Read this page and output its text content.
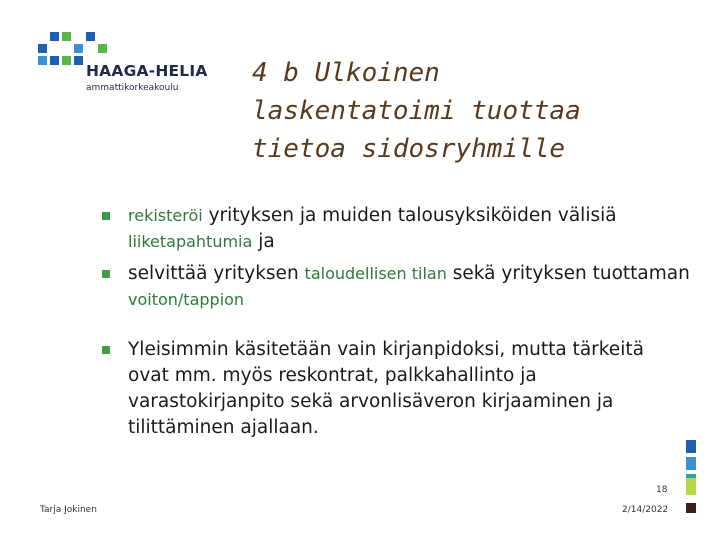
HAAGA-HELIA
ammattikorkeakoulu	4 b Ulkoinen
laskentatoimi tuottaa
tietoa sidosryhmille
rekisteröi yrityksen ja muiden talousyksiköiden välisiä liiketapahtumia ja
selvittää yrityksen taloudellisen tilan sekä yrityksen tuottaman voiton/tappion
Yleisimmin käsitetään vain kirjanpidoksi, mutta tärkeitä ovat mm. myös reskontrat, palkkahallinto ja varastokirjanpito sekä arvonlisäveron kirjaaminen ja tilittäminen ajallaan.
Tarja Jokinen
18
2/14/2022
